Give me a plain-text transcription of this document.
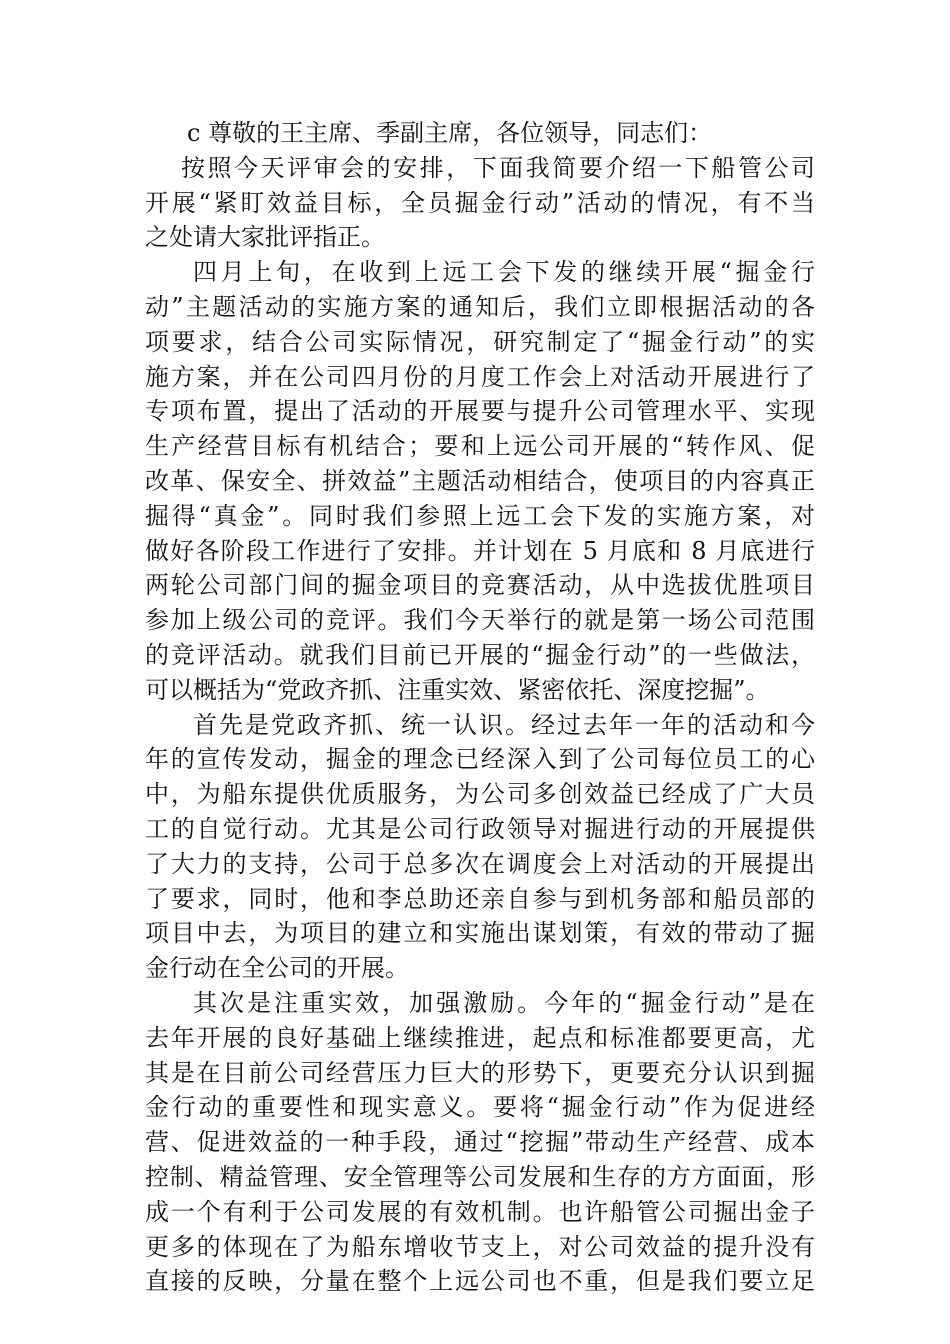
c 尊敬的王主席、季副主席，各位领导，同志们：
按照今天评审会的安排，下面我简要介绍一下船管公司
开展“紧盯效益目标，全员掘金行动”活动的情况，有不当
之处请大家批评指正。
四月上旬，在收到上远工会下发的继续开展“掘金行
动”主题活动的实施方案的通知后，我们立即根据活动的各
项要求，结合公司实际情况，研究制定了“掘金行动”的实
施方案，并在公司四月份的月度工作会上对活动开展进行了
专项布置，提出了活动的开展要与提升公司管理水平、实现
生产经营目标有机结合；要和上远公司开展的“转作风、促
改革、保安全、拼效益”主题活动相结合，使项目的内容真正
掘得“真金”。同时我们参照上远工会下发的实施方案，对
做好各阶段工作进行了安排。并计划在 5 月底和 8 月底进行
两轮公司部门间的掘金项目的竞赛活动，从中选拔优胜项目
参加上级公司的竞评。我们今天举行的就是第一场公司范围
的竞评活动。就我们目前已开展的“掘金行动”的一些做法，
可以概括为“党政齐抓、注重实效、紧密依托、深度挖掘”。
首先是党政齐抓、统一认识。经过去年一年的活动和今
年的宣传发动，掘金的理念已经深入到了公司每位员工的心
中，为船东提供优质服务，为公司多创效益已经成了广大员
工的自觉行动。尤其是公司行政领导对掘进行动的开展提供
了大力的支持，公司于总多次在调度会上对活动的开展提出
了要求，同时，他和李总助还亲自参与到机务部和船员部的
项目中去，为项目的建立和实施出谋划策，有效的带动了掘
金行动在全公司的开展。
其次是注重实效，加强激励。今年的“掘金行动”是在
去年开展的良好基础上继续推进，起点和标准都要更高，尤
其是在目前公司经营压力巨大的形势下，更要充分认识到掘
金行动的重要性和现实意义。要将“掘金行动”作为促进经
营、促进效益的一种手段，通过“挖掘”带动生产经营、成本
控制、精益管理、安全管理等公司发展和生存的方方面面，形
成一个有利于公司发展的有效机制。也许船管公司掘出金子
更多的体现在了为船东增收节支上，对公司效益的提升没有
直接的反映，分量在整个上远公司也不重，但是我们要立足
